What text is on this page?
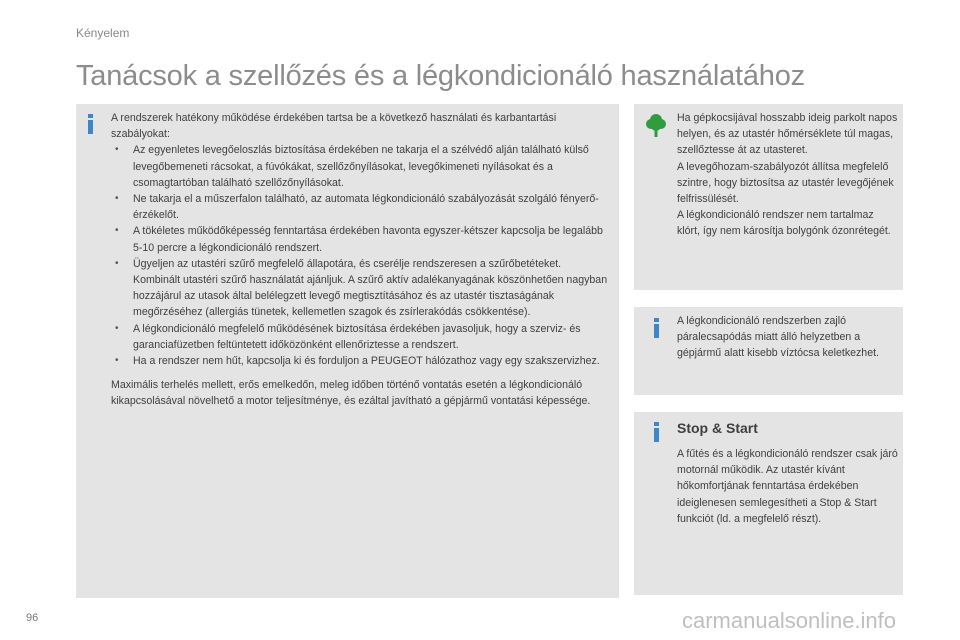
Kényelem
Tanácsok a szellőzés és a légkondicionáló használatához

A rendszerek hatékony működése érdekében tartsa be a következő használati és karbantartási szabályokat:

• Az egyenletes levegőeloszlás biztosítása érdekében ne takarja el a szélvédő alján található külső levegőbemeneti rácsokat, a fúvókákat, szellőzőnyílásokat, levegőkimeneti nyílásokat és a csomagtartóban található szellőzőnyílásokat.
• Ne takarja el a műszerfalon található, az automata légkondicionáló szabályozását szolgáló fényerő-érzékelőt.
• A tökéletes működőképesség fenntartása érdekében havonta egyszer-kétszer kapcsolja be legalább 5-10 percre a légkondicionáló rendszert.
• Ügyeljen az utastéri szűrő megfelelő állapotára, és cserélje rendszeresen a szűrőbetéteket.
Kombinált utastéri szűrő használatát ajánljuk. A szűrő aktív adalékanyagának köszönhetően nagyban hozzájárul az utasok által belélegzett levegő megtisztításához és az utastér tisztaságának megőrzéséhez (allergiás tünetek, kellemetlen szagok és zsírlerakódás csökkentése).
• A légkondicionáló megfelelő működésének biztosítása érdekében javasoljuk, hogy a szerviz- és garanciafüzetben feltüntetett időközönként ellenőriztesse a rendszert.
• Ha a rendszer nem hűt, kapcsolja ki és forduljon a PEUGEOT hálózathoz vagy egy szakszervizhez.

Maximális terhelés mellett, erős emelkedőn, meleg időben történő vontatás esetén a légkondicionáló kikapcsolásával növelhető a motor teljesítménye, és ezáltal javítható a gépjármű vontatási képessége.

Ha gépkocsijával hosszabb ideig parkolt napos helyen, és az utastér hőmérséklete túl magas, szellőztesse át az utasteret.

A levegőhozam-szabályozót állítsa megfelelő szintre, hogy biztosítsa az utastér levegőjének felfrissülését.

A légkondicionáló rendszer nem tartalmaz klórt, így nem károsítja bolygónk ózonrétegét.

A légkondicionáló rendszerben zajló páralecsapódás miatt álló helyzetben a gépjármű alatt kisebb víztócsa keletkezhet.
Stop & Start
A fűtés és a légkondicionáló rendszer csak járó motornál működik. Az utastér kívánt hőkomfortjának fenntartása érdekében ideiglenesen semlegesítheti a Stop & Start funkciót (ld. a megfelelő részt).
96	carmanualsonline.info
